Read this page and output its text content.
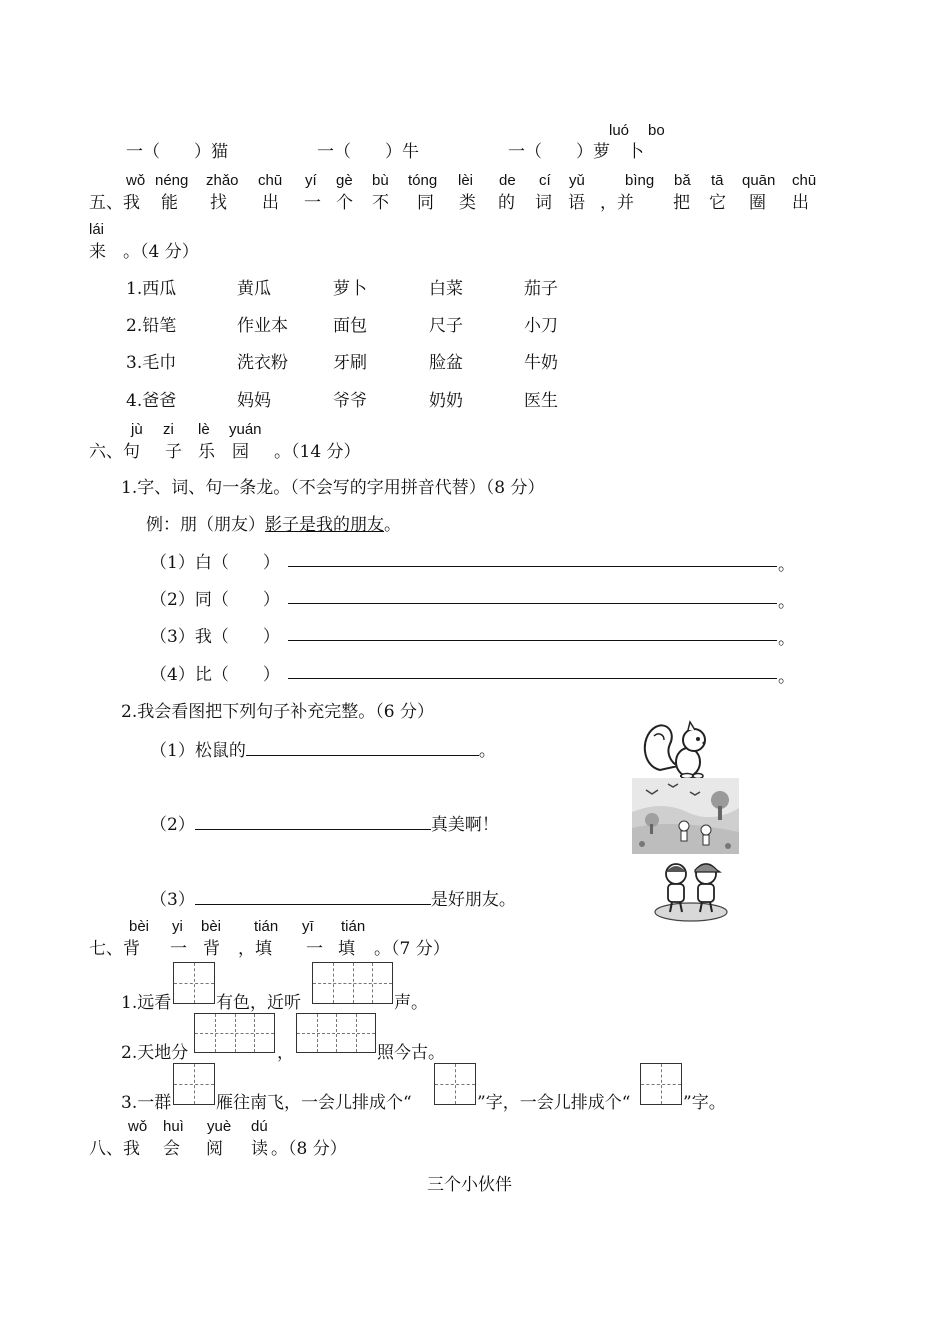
luó bo
一（　　）猫	一（　　）牛	一（　　）萝　卜
wǒ néng zhǎo chū yí gè bù tóng lèi de cí yǔ	bìng bǎ tā quān chū
五、我 能 找 出 一 个 不 同 类 的 词 语 ，并 把 它 圈 出
lái
来　。（4 分）
1.西瓜	黄瓜	萝卜	白菜	茄子
2.铅笔	作业本	面包	尺子	小刀
3.毛巾	洗衣粉	牙刷	脸盆	牛奶
4.爸爸	妈妈	爷爷	奶奶	医生
jù zi lè yuán
六、句 子 乐 园 　。（14 分）
1.字、词、句一条龙。（不会写的字用拼音代替）（8 分）
例：朋（朋友）影子是我的朋友。
（1）白（　　）	。
（2）同（　　）	。
（3）我（　　）	。
（4）比（　　）	。
2.我会看图把下列句子补充完整。（6 分）
（1）松鼠的	。
（2）	真美啊！
（3）	是好朋友。
bèi yi bèi tián yī tián
七、背 一 背 ，填 一 填 　。（7 分）
1.远看	有色，近听	声。
2.天地分	，	照今古。
3.一群	雁往南飞，一会儿排成个“	”字，一会儿排成个“	”字。
wǒ huì yuè dú
八、我 会 阅 读 。（8 分）
三个小伙伴
